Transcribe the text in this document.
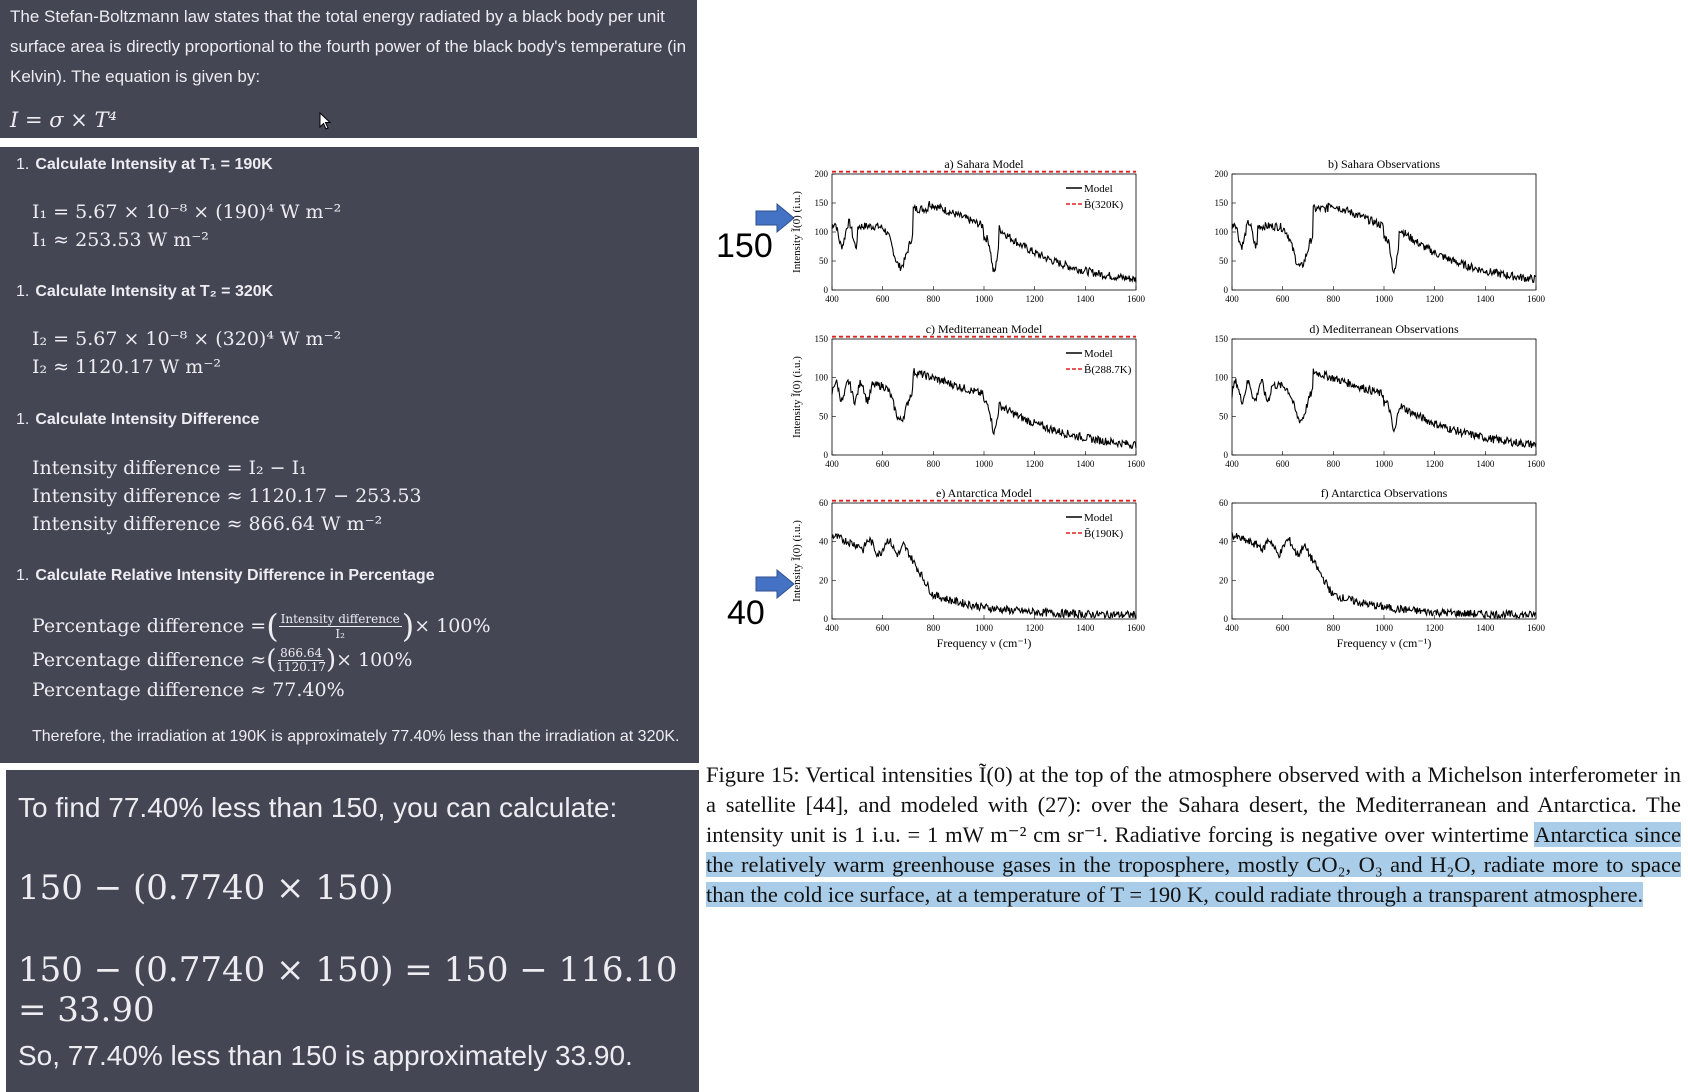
The Stefan-Boltzmann law states that the total energy radiated by a black body per unit surface area is directly proportional to the fourth power of the black body's temperature (in Kelvin). The equation is given by:
I = σ × T⁴
1. Calculate Intensity at T₁ = 190K
I₁ = 5.67 × 10⁻⁸ × (190)⁴ W m⁻²
I₁ ≈ 253.53 W m⁻²
1. Calculate Intensity at T₂ = 320K
I₂ = 5.67 × 10⁻⁸ × (320)⁴ W m⁻²
I₂ ≈ 1120.17 W m⁻²
1. Calculate Intensity Difference
Intensity difference = I₂ − I₁
Intensity difference ≈ 1120.17 − 253.53
Intensity difference ≈ 866.64 W m⁻²
1. Calculate Relative Intensity Difference in Percentage
Percentage difference = ( Intensity difference
I₂ ) × 100%
Percentage difference ≈ ( 866.64
1120.17 ) × 100%
Percentage difference ≈ 77.40%
Therefore, the irradiation at 190K is approximately 77.40% less than the irradiation at 320K.
To find 77.40% less than 150, you can calculate:
150 − (0.7740 × 150)
150 − (0.7740 × 150) = 150 − 116.10 = 33.90
So, 77.40% less than 150 is approximately 33.90.
150
40
a) Sahara Model
0
50
100
150
200
400	600	800	1000	1200	1400	1600
Intensity Ĩ(0) (i.u.)
Model
B̃(320K)
b) Sahara Observations
0
50
100
150
200
400	600	800	1000	1200	1400	1600
c) Mediterranean Model
0
50
100
150
400	600	800	1000	1200	1400	1600
Intensity Ĩ(0) (i.u.)
Model
B̃(288.7K)
d) Mediterranean Observations
0
50
100
150
400	600	800	1000	1200	1400	1600
e) Antarctica Model
0
20
40
60
400	600	800	1000	1200	1400	1600
Intensity Ĩ(0) (i.u.)
Frequency ν (cm⁻¹)
Model
B̃(190K)
f) Antarctica Observations
0
20
40
60
400	600	800	1000	1200	1400	1600
Frequency ν (cm⁻¹)
Figure 15: Vertical intensities Ĩ(0) at the top of the atmosphere observed with a Michelson interferometer in a satellite [44], and modeled with (27): over the Sahara desert, the Mediterranean and Antarctica. The intensity unit is 1 i.u. = 1 mW m⁻² cm sr⁻¹. Radiative forcing is negative over wintertime Antarctica since the relatively warm greenhouse gases in the troposphere, mostly CO₂, O₃ and H₂O, radiate more to space than the cold ice surface, at a temperature of T = 190 K, could radiate through a transparent atmosphere.
